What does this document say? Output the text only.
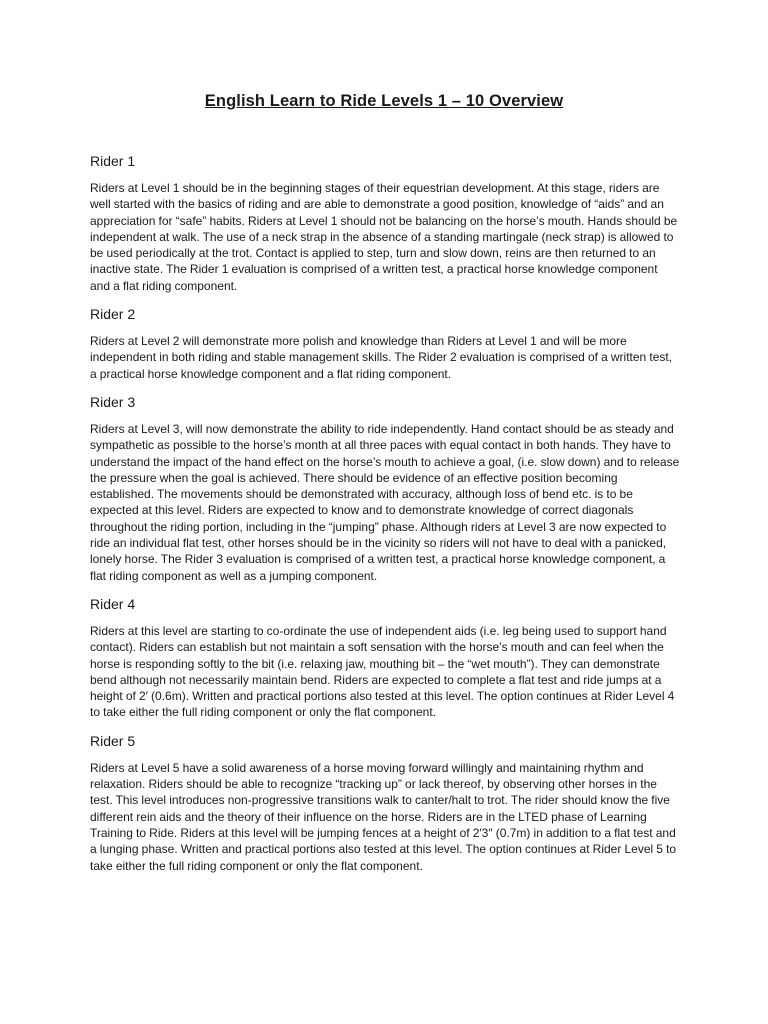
English Learn to Ride Levels 1 – 10 Overview
Rider 1

Riders at Level 1 should be in the beginning stages of their equestrian development. At this stage, riders are well started with the basics of riding and are able to demonstrate a good position, knowledge of “aids” and an appreciation for “safe” habits. Riders at Level 1 should not be balancing on the horse’s mouth. Hands should be independent at walk. The use of a neck strap in the absence of a standing martingale (neck strap) is allowed to be used periodically at the trot. Contact is applied to step, turn and slow down, reins are then returned to an inactive state. The Rider 1 evaluation is comprised of a written test, a practical horse knowledge component and a flat riding component.

Rider 2

Riders at Level 2 will demonstrate more polish and knowledge than Riders at Level 1 and will be more independent in both riding and stable management skills. The Rider 2 evaluation is comprised of a written test, a practical horse knowledge component and a flat riding component.

Rider 3

Riders at Level 3, will now demonstrate the ability to ride independently. Hand contact should be as steady and sympathetic as possible to the horse’s month at all three paces with equal contact in both hands. They have to understand the impact of the hand effect on the horse’s mouth to achieve a goal, (i.e. slow down) and to release the pressure when the goal is achieved. There should be evidence of an effective position becoming established. The movements should be demonstrated with accuracy, although loss of bend etc. is to be expected at this level. Riders are expected to know and to demonstrate knowledge of correct diagonals throughout the riding portion, including in the “jumping” phase. Although riders at Level 3 are now expected to ride an individual flat test, other horses should be in the vicinity so riders will not have to deal with a panicked, lonely horse. The Rider 3 evaluation is comprised of a written test, a practical horse knowledge component, a flat riding component as well as a jumping component.

Rider 4

Riders at this level are starting to co-ordinate the use of independent aids (i.e. leg being used to support hand contact). Riders can establish but not maintain a soft sensation with the horse’s mouth and can feel when the horse is responding softly to the bit (i.e. relaxing jaw, mouthing bit – the “wet mouth”). They can demonstrate bend although not necessarily maintain bend. Riders are expected to complete a flat test and ride jumps at a height of 2′ (0.6m). Written and practical portions also tested at this level. The option continues at Rider Level 4 to take either the full riding component or only the flat component.

Rider 5

Riders at Level 5 have a solid awareness of a horse moving forward willingly and maintaining rhythm and relaxation. Riders should be able to recognize “tracking up” or lack thereof, by observing other horses in the test. This level introduces non-progressive transitions walk to canter/halt to trot. The rider should know the five different rein aids and the theory of their influence on the horse. Riders are in the LTED phase of Learning Training to Ride. Riders at this level will be jumping fences at a height of 2′3″ (0.7m) in addition to a flat test and a lunging phase. Written and practical portions also tested at this level. The option continues at Rider Level 5 to take either the full riding component or only the flat component.
